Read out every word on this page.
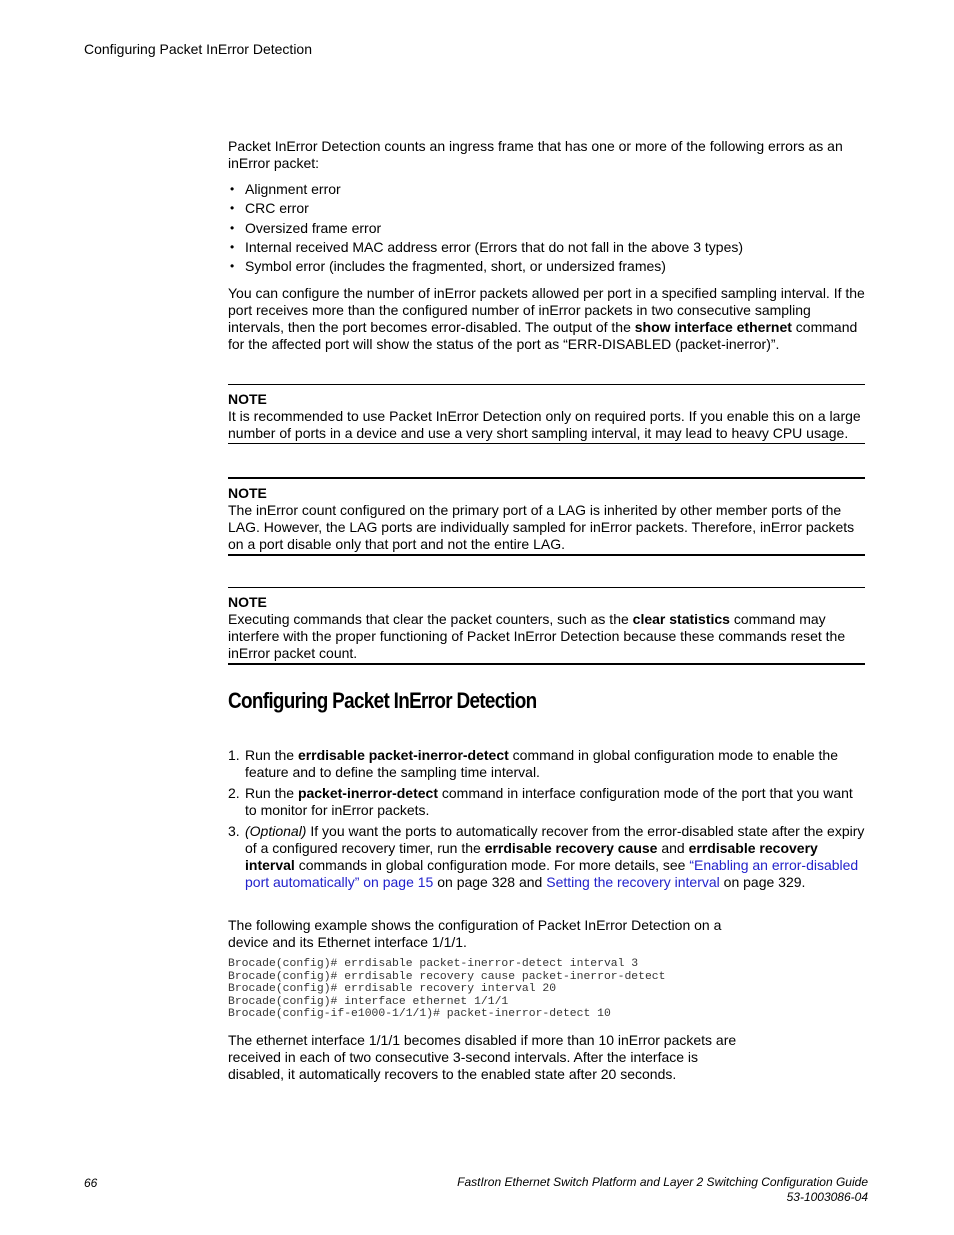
Configuring Packet InError Detection

Packet InError Detection counts an ingress frame that has one or more of the following errors as an inError packet:

• Alignment error
• CRC error
• Oversized frame error
• Internal received MAC address error (Errors that do not fall in the above 3 types)
• Symbol error (includes the fragmented, short, or undersized frames)

You can configure the number of inError packets allowed per port in a specified sampling interval. If the port receives more than the configured number of inError packets in two consecutive sampling intervals, then the port becomes error-disabled. The output of the show interface ethernet command for the affected port will show the status of the port as “ERR-DISABLED (packet-inerror)”.

NOTE
It is recommended to use Packet InError Detection only on required ports. If you enable this on a large number of ports in a device and use a very short sampling interval, it may lead to heavy CPU usage.
NOTE
The inError count configured on the primary port of a LAG is inherited by other member ports of the LAG. However, the LAG ports are individually sampled for inError packets. Therefore, inError packets on a port disable only that port and not the entire LAG.
NOTE
Executing commands that clear the packet counters, such as the clear statistics command may interfere with the proper functioning of Packet InError Detection because these commands reset the inError packet count.
Configuring Packet InError Detection
1. Run the errdisable packet-inerror-detect command in global configuration mode to enable the feature and to define the sampling time interval.
2. Run the packet-inerror-detect command in interface configuration mode of the port that you want to monitor for inError packets.
3. (Optional) If you want the ports to automatically recover from the error-disabled state after the expiry of a configured recovery timer, run the errdisable recovery cause and errdisable recovery interval commands in global configuration mode. For more details, see “Enabling an error-disabled port automatically” on page 15 on page 328 and Setting the recovery interval on page 329.

The following example shows the configuration of Packet InError Detection on a device and its Ethernet interface 1/1/1.

Brocade(config)# errdisable packet-inerror-detect interval 3
Brocade(config)# errdisable recovery cause packet-inerror-detect
Brocade(config)# errdisable recovery interval 20
Brocade(config)# interface ethernet 1/1/1
Brocade(config-if-e1000-1/1/1)# packet-inerror-detect 10

The ethernet interface 1/1/1 becomes disabled if more than 10 inError packets are received in each of two consecutive 3-second intervals. After the interface is disabled, it automatically recovers to the enabled state after 20 seconds.

66	FastIron Ethernet Switch Platform and Layer 2 Switching Configuration Guide
53-1003086-04
